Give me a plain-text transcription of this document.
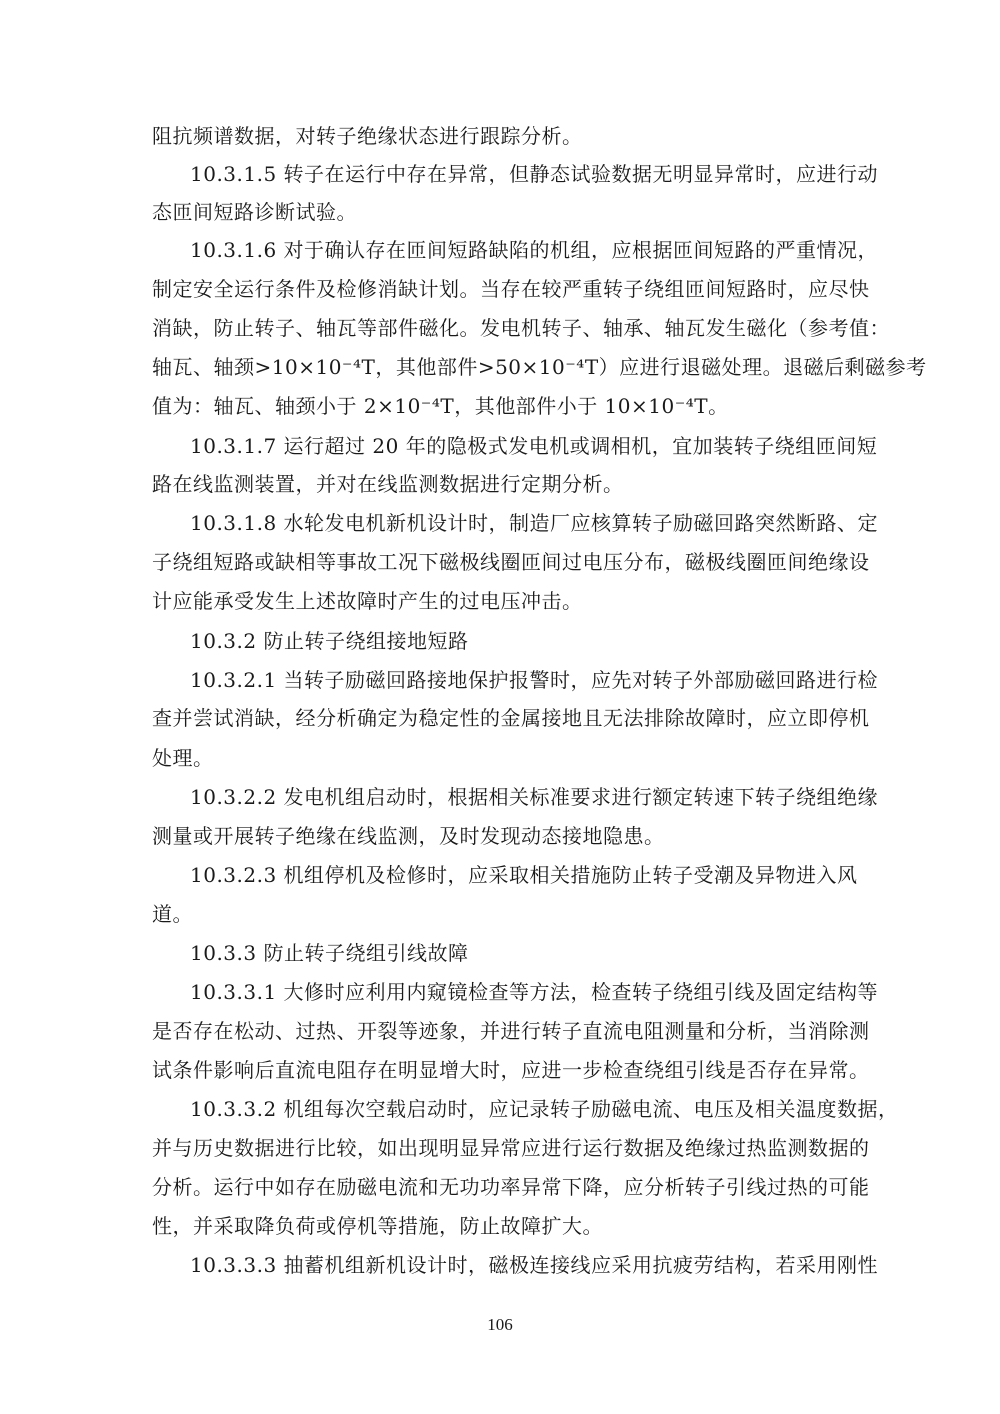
阻抗频谱数据，对转子绝缘状态进行跟踪分析。
10.3.1.5 转子在运行中存在异常，但静态试验数据无明显异常时，应进行动
态匝间短路诊断试验。
10.3.1.6 对于确认存在匝间短路缺陷的机组，应根据匝间短路的严重情况，
制定安全运行条件及检修消缺计划。当存在较严重转子绕组匝间短路时，应尽快
消缺，防止转子、轴瓦等部件磁化。发电机转子、轴承、轴瓦发生磁化（参考值：
轴瓦、轴颈>10×10⁻⁴T，其他部件>50×10⁻⁴T）应进行退磁处理。退磁后剩磁参考
值为：轴瓦、轴颈小于 2×10⁻⁴T，其他部件小于 10×10⁻⁴T。
10.3.1.7 运行超过 20 年的隐极式发电机或调相机，宜加装转子绕组匝间短
路在线监测装置，并对在线监测数据进行定期分析。
10.3.1.8 水轮发电机新机设计时，制造厂应核算转子励磁回路突然断路、定
子绕组短路或缺相等事故工况下磁极线圈匝间过电压分布，磁极线圈匝间绝缘设
计应能承受发生上述故障时产生的过电压冲击。
10.3.2 防止转子绕组接地短路
10.3.2.1 当转子励磁回路接地保护报警时，应先对转子外部励磁回路进行检
查并尝试消缺，经分析确定为稳定性的金属接地且无法排除故障时，应立即停机
处理。
10.3.2.2 发电机组启动时，根据相关标准要求进行额定转速下转子绕组绝缘
测量或开展转子绝缘在线监测，及时发现动态接地隐患。
10.3.2.3 机组停机及检修时，应采取相关措施防止转子受潮及异物进入风
道。
10.3.3 防止转子绕组引线故障
10.3.3.1 大修时应利用内窥镜检查等方法，检查转子绕组引线及固定结构等
是否存在松动、过热、开裂等迹象，并进行转子直流电阻测量和分析，当消除测
试条件影响后直流电阻存在明显增大时，应进一步检查绕组引线是否存在异常。
10.3.3.2 机组每次空载启动时，应记录转子励磁电流、电压及相关温度数据，
并与历史数据进行比较，如出现明显异常应进行运行数据及绝缘过热监测数据的
分析。运行中如存在励磁电流和无功功率异常下降，应分析转子引线过热的可能
性，并采取降负荷或停机等措施，防止故障扩大。
10.3.3.3 抽蓄机组新机设计时，磁极连接线应采用抗疲劳结构，若采用刚性
106
